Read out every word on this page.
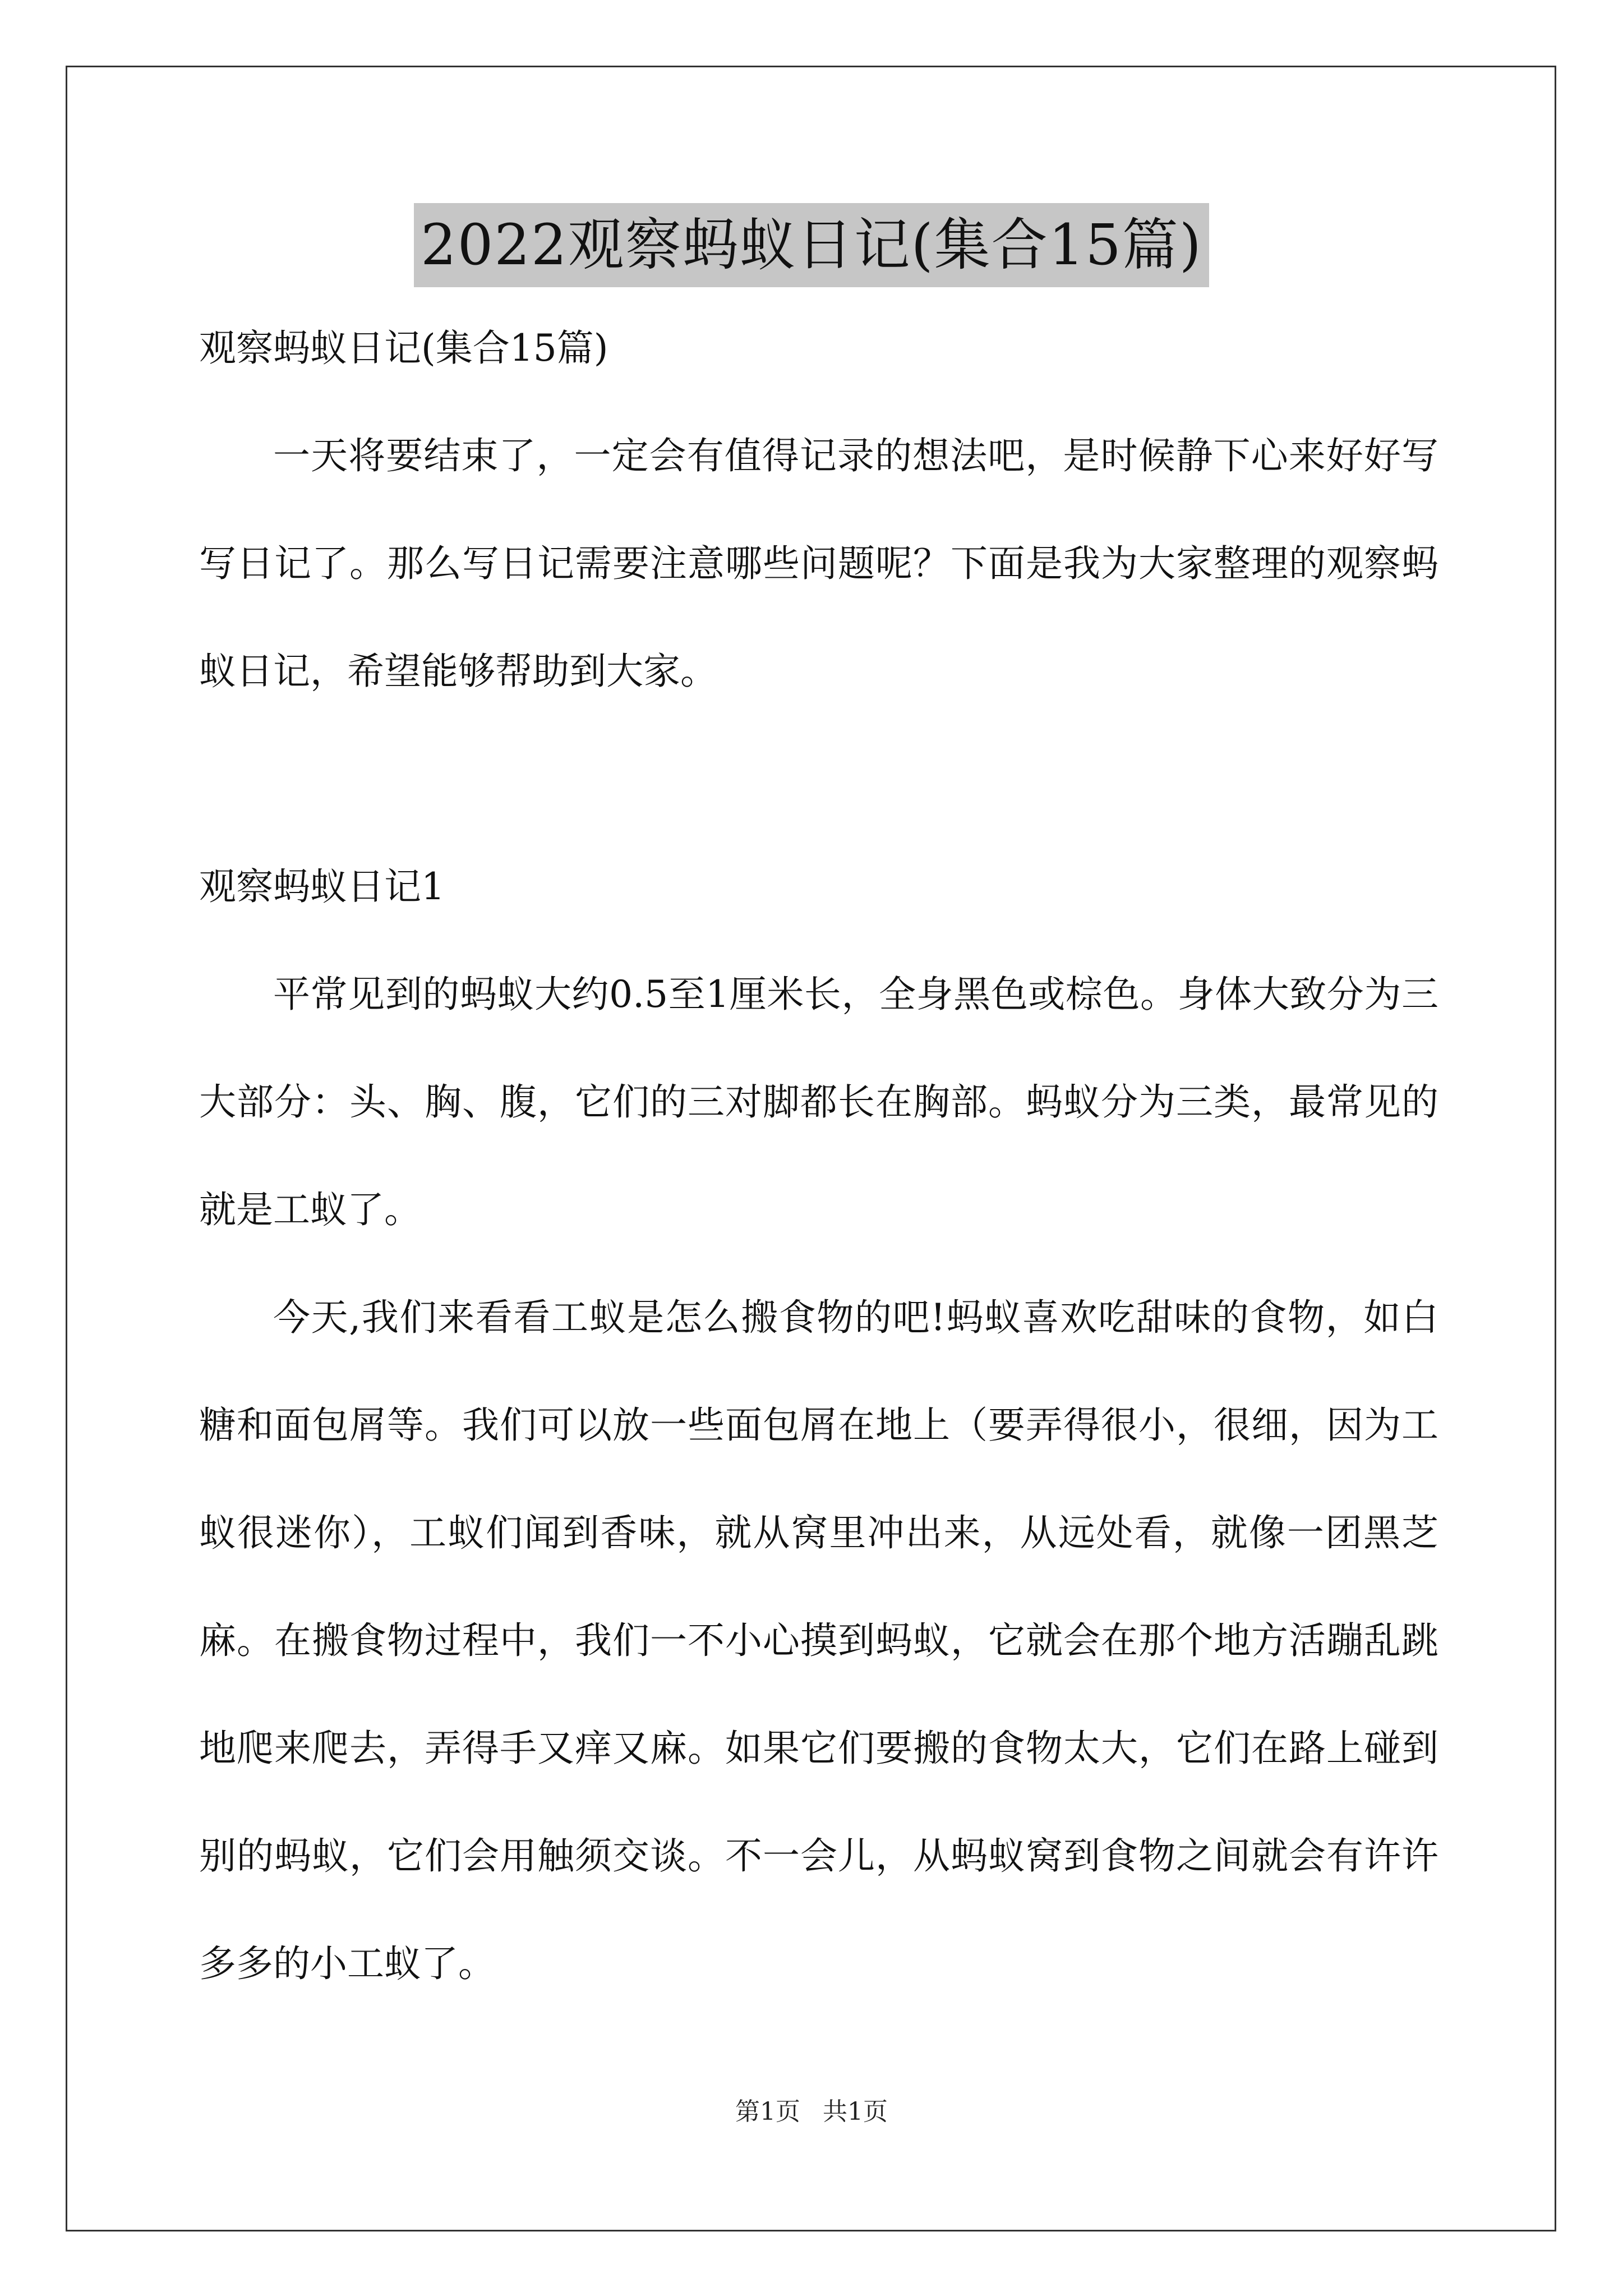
2022观察蚂蚁日记(集合15篇)

观察蚂蚁日记(集合15篇)

一天将要结束了，一定会有值得记录的想法吧，是时候静下心来好好写写日记了。那么写日记需要注意哪些问题呢？下面是我为大家整理的观察蚂蚁日记，希望能够帮助到大家。

观察蚂蚁日记1

平常见到的蚂蚁大约0.5至1厘米长，全身黑色或棕色。身体大致分为三大部分：头、胸、腹，它们的三对脚都长在胸部。蚂蚁分为三类，最常见的就是工蚁了。

今天,我们来看看工蚁是怎么搬食物的吧!蚂蚁喜欢吃甜味的食物，如白糖和面包屑等。我们可以放一些面包屑在地上（要弄得很小，很细，因为工蚁很迷你），工蚁们闻到香味，就从窝里冲出来，从远处看，就像一团黑芝麻。在搬食物过程中，我们一不小心摸到蚂蚁，它就会在那个地方活蹦乱跳地爬来爬去，弄得手又痒又麻。如果它们要搬的食物太大，它们在路上碰到别的蚂蚁，它们会用触须交谈。不一会儿，从蚂蚁窝到食物之间就会有许许多多的小工蚁了。

第1页 共1页
